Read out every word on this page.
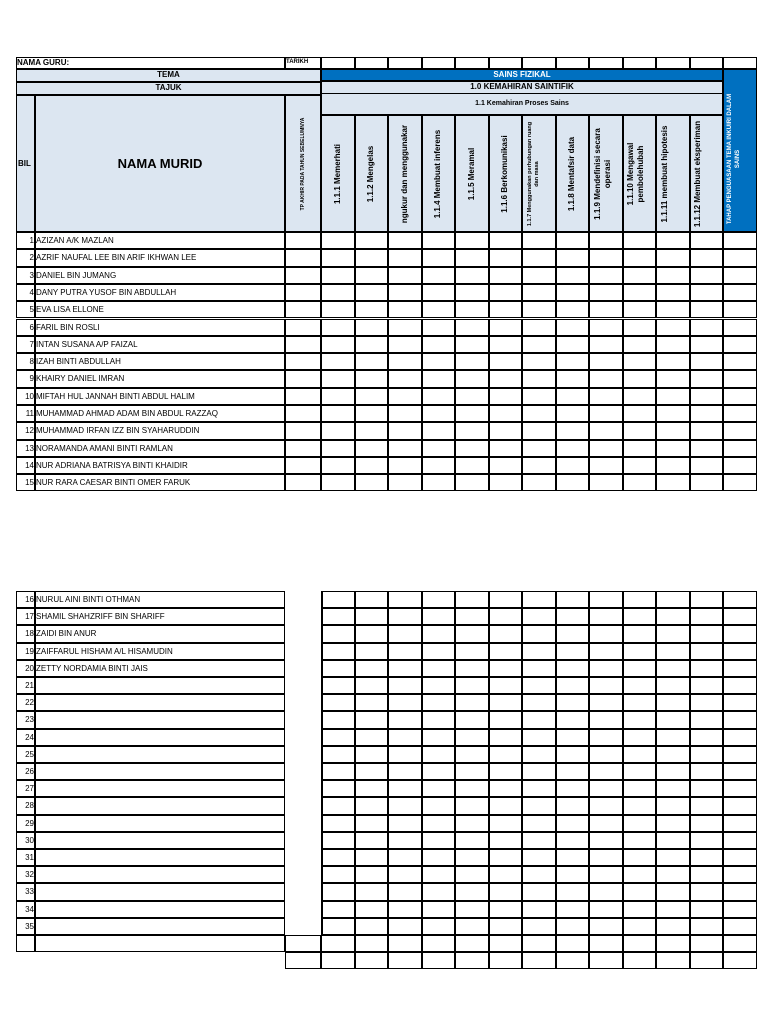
NAMA GURU:	TARIKH
TEMA
TAJUK
SAINS FIZIKAL
1.0 KEMAHIRAN SAINTIFIK
1.1 Kemahiran Proses Sains	TAHAP PENGUASAAN TEMA INKUIRI DALAM SAINS
BIL	NAMA MURID	TP AKHIR PADA TAHUN SEBELUMNYA	1.1.1 Memerhati	1.1.2 Mengelas	ngukur dan menggunakar	1.1.4 Membuat inferens	1.1.5 Meramal	1.1.6 Berkomunikasi	1.1.7 Menggunakan perhubungan ruang dan masa	1.1.8 Mentafsir data	1.1.9 Mendefinisi secara operasi	1.1.10 Mengawal pembolehubah	1.1.11 membuat hipotesis	1.1.12 Membuat eksperiman
1 AZIZAN A/K MAZLAN
2 AZRIF NAUFAL LEE BIN ARIF IKHWAN LEE
3 DANIEL BIN JUMANG
4 DANY PUTRA YUSOF BIN ABDULLAH
5 EVA LISA ELLONE
6 FARIL BIN ROSLI
7 INTAN SUSANA A/P FAIZAL
8 IZAH BINTI ABDULLAH
9 KHAIRY DANIEL IMRAN
10 MIFTAH HUL JANNAH BINTI ABDUL HALIM
11 MUHAMMAD AHMAD ADAM BIN ABDUL RAZZAQ
12 MUHAMMAD IRFAN IZZ BIN SYAHARUDDIN
13 NORAMANDA AMANI BINTI RAMLAN
14 NUR ADRIANA BATRISYA BINTI KHAIDIR
15 NUR RARA CAESAR BINTI OMER FARUK
16 NURUL AINI BINTI OTHMAN
17 SHAMIL SHAHZRIFF BIN SHARIFF
18 ZAIDI BIN ANUR
19 ZAIFFARUL HISHAM A/L HISAMUDIN
20 ZETTY NORDAMIA BINTI JAIS
21
22
23
24
25
26
27
28
29
30
31
32
33
34
35
